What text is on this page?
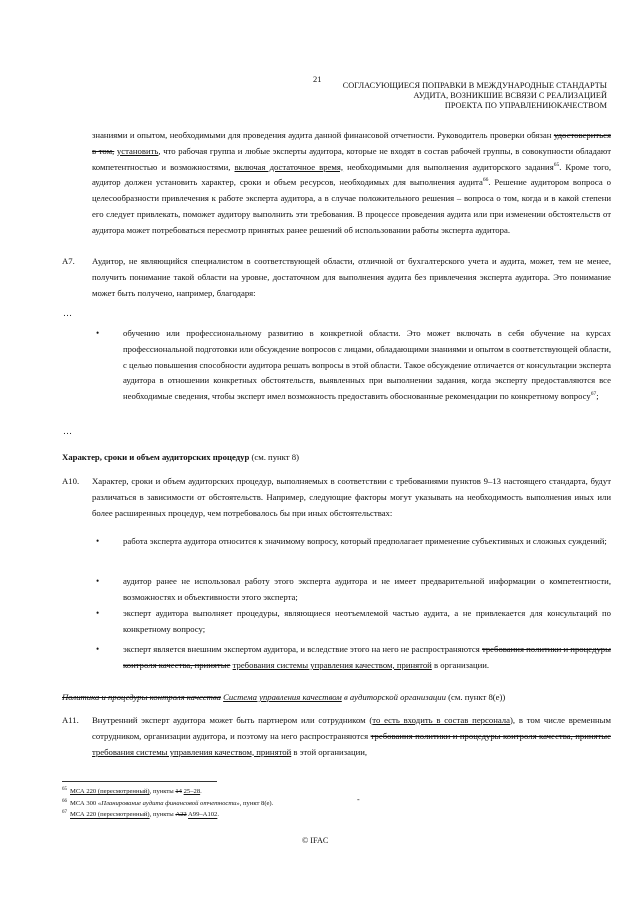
21
СОГЛАСУЮЩИЕСЯ ПОПРАВКИ В МЕЖДУНАРОДНЫЕ СТАНДАРТЫ
АУДИТА, ВОЗНИКШИЕ ВСВЯЗИ С РЕАЛИЗАЦИЕЙ
ПРОЕКТА ПО УПРАВЛЕНИЮКАЧЕСТВОМ
знаниями и опытом, необходимыми для проведения аудита данной финансовой отчетности. Руководитель проверки обязан удостовериться в том, установить, что рабочая группа и любые эксперты аудитора, которые не входят в состав рабочей группы, в совокупности обладают компетентностью и возможностями, включая достаточное время, необходимыми для выполнения аудиторского задания$^{65}$. Кроме того, аудитор должен установить характер, сроки и объем ресурсов, необходимых для выполнения аудита$^{66}$. Решение аудитором вопроса о целесообразности привлечения к работе эксперта аудитора, а в случае положительного решения – вопроса о том, когда и в какой степени его следует привлекать, поможет аудитору выполнить эти требования. В процессе проведения аудита или при изменении обстоятельств от аудитора может потребоваться пересмотр принятых ранее решений об использовании работы эксперта аудитора.
A7. Аудитор, не являющийся специалистом в соответствующей области, отличной от бухгалтерского учета и аудита, может, тем не менее, получить понимание такой области на уровне, достаточном для выполнения аудита без привлечения эксперта аудитора. Это понимание может быть получено, например, благодаря:
…
•	обучению или профессиональному развитию в конкретной области. Это может включать в себя обучение на курсах профессиональной подготовки или обсуждение вопросов с лицами, обладающими знаниями и опытом в соответствующей области, с целью повышения способности аудитора решать вопросы в этой области. Такое обсуждение отличается от консультации эксперта аудитора в отношении конкретных обстоятельств, выявленных при выполнении задания, когда эксперту предоставляются все необходимые сведения, чтобы эксперт имел возможность предоставить обоснованные рекомендации по конкретному вопросу$^{67}$;
…
Характер, сроки и объем аудиторских процедур (см. пункт 8)
A10. Характер, сроки и объем аудиторских процедур, выполняемых в соответствии с требованиями пунктов 9–13 настоящего стандарта, будут различаться в зависимости от обстоятельств. Например, следующие факторы могут указывать на необходимость выполнения иных или более расширенных процедур, чем потребовалось бы при иных обстоятельствах:
•	работа эксперта аудитора относится к значимому вопросу, который предполагает применение субъективных и сложных суждений;
•	аудитор ранее не использовал работу этого эксперта аудитора и не имеет предварительной информации о компетентности, возможностях и объективности этого эксперта;
•	эксперт аудитора выполняет процедуры, являющиеся неотъемлемой частью аудита, а не привлекается для консультаций по конкретному вопросу;
•	эксперт является внешним экспертом аудитора, и вследствие этого на него не распространяются требования политики и процедуры контроля качества, принятые требования системы управления качеством, принятой в организации.
Политика и процедуры контроля качества Система управления качеством в аудиторской организации (см. пункт 8(e))
A11. Внутренний эксперт аудитора может быть партнером или сотрудником (то есть входить в состав персонала), в том числе временным сотрудником, организации аудитора, и поэтому на него распространяются требования политики и процедуры контроля качества, принятые требования системы управления качеством, принятой в этой организации,
$^{65}$ МСА 220 (пересмотренный), пункты 14 25–28.
$^{66}$ МСА 300 «Планирование аудита финансовой отчетности», пункт 8(e).
$^{67}$ МСА 220 (пересмотренный), пункты A22 A99–A102.
-
© IFAC
